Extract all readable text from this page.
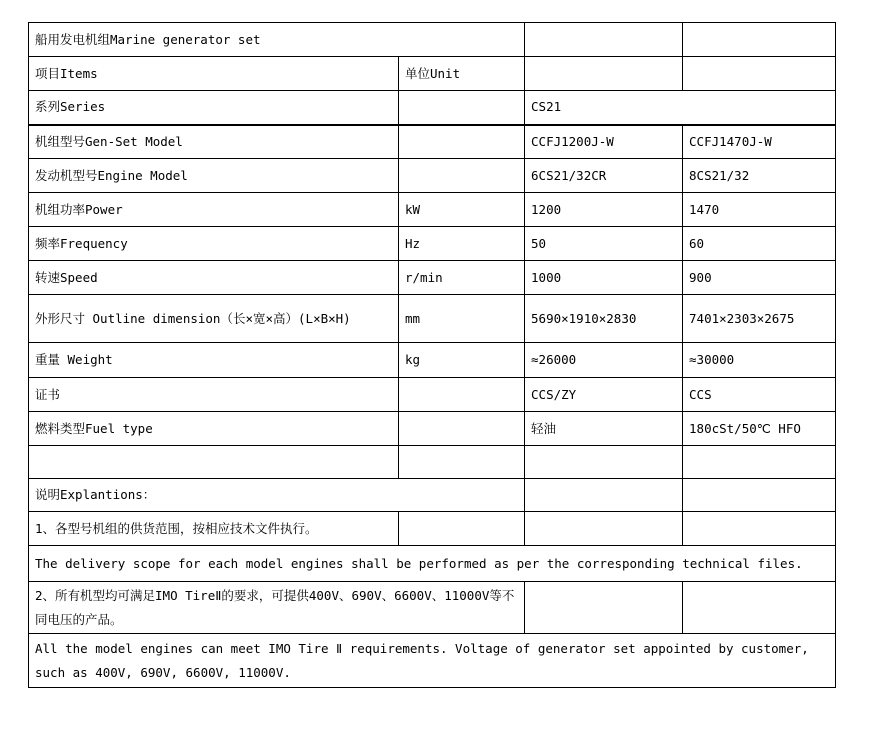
船用发电机组Marine generator set			
项目Items	单位Unit		
系列Series		CS21	
机组型号Gen-Set Model		CCFJ1200J-W	CCFJ1470J-W
发动机型号Engine Model		6CS21/32CR	8CS21/32
机组功率Power	kW	1200	1470
频率Frequency	Hz	50	60
转速Speed	r/min	1000	900
外形尺寸 Outline dimension（长×宽×高）(L×B×H)	mm	5690×1910×2830	7401×2303×2675
重量 Weight	kg	≈26000	≈30000
证书		CCS/ZY	CCS
燃料类型Fuel type		轻油	180cSt/50℃ HFO

说明Explantions：			
1、各型号机组的供货范围，按相应技术文件执行。			
The delivery scope for each model engines shall be performed as per the corresponding technical files.			
2、所有机型均可满足IMO TireⅡ的要求，可提供400V、690V、6600V、11000V等不同电压的产品。			
All the model engines can meet IMO Tire Ⅱ requirements. Voltage of generator set appointed by customer, such as 400V, 690V, 6600V, 11000V.			
